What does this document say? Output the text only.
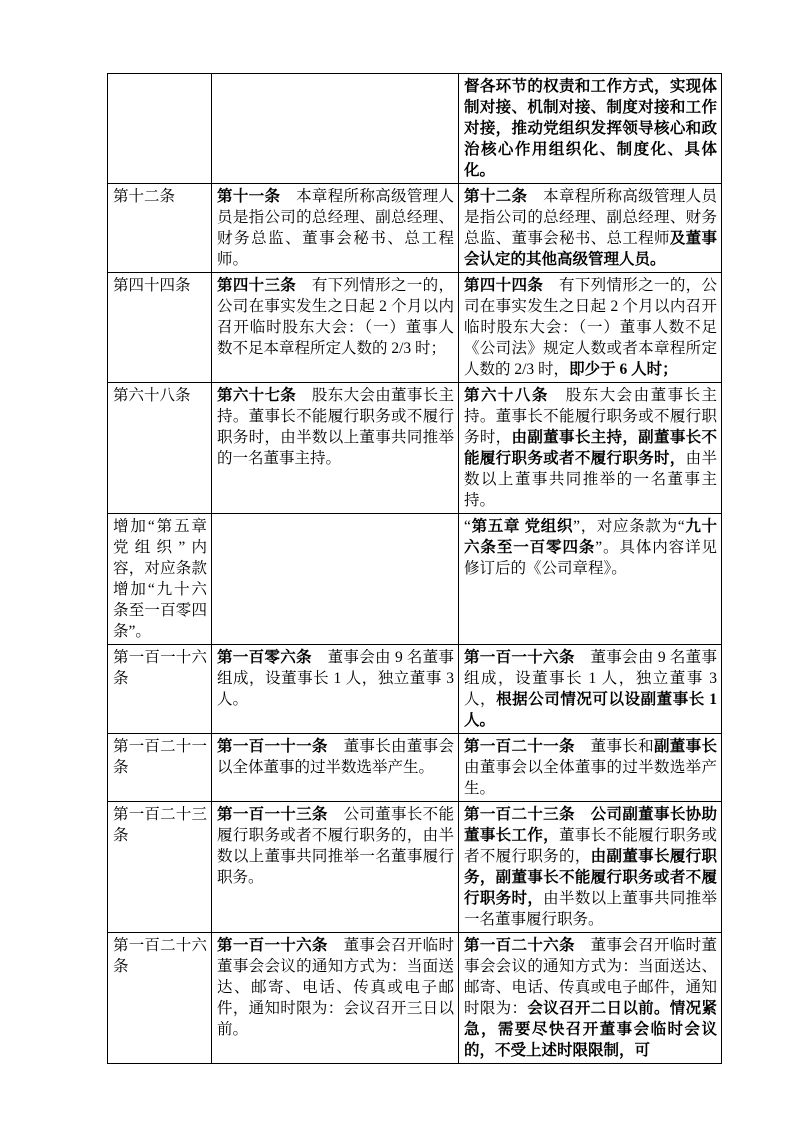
		督各环节的权责和工作方式，实现体制对接、机制对接、制度对接和工作对接，推动党组织发挥领导核心和政治核心作用组织化、制度化、具体化。
第十二条	第十一条　本章程所称高级管理人员是指公司的总经理、副总经理、财务总监、董事会秘书、总工程师。	第十二条　本章程所称高级管理人员是指公司的总经理、副总经理、财务总监、董事会秘书、总工程师及董事会认定的其他高级管理人员。
第四十四条	第四十三条　有下列情形之一的，公司在事实发生之日起 2 个月以内召开临时股东大会：（一）董事人数不足本章程所定人数的 2/3 时；	第四十四条　有下列情形之一的，公司在事实发生之日起 2 个月以内召开临时股东大会：（一）董事人数不足《公司法》规定人数或者本章程所定人数的 2/3 时，即少于 6 人时；
第六十八条	第六十七条　股东大会由董事长主持。董事长不能履行职务或不履行职务时，由半数以上董事共同推举的一名董事主持。	第六十八条　股东大会由董事长主持。董事长不能履行职务或不履行职务时，由副董事长主持，副董事长不能履行职务或者不履行职务时，由半数以上董事共同推举的一名董事主持。
增加“第五章 党组织”内容，对应条款增加“九十六条至一百零四条”。		“第五章 党组织”，对应条款为“九十六条至一百零四条”。具体内容详见修订后的《公司章程》。
第一百一十六条	第一百零六条　董事会由 9 名董事组成，设董事长 1 人，独立董事 3 人。	第一百一十六条　董事会由 9 名董事组成，设董事长 1 人，独立董事 3 人，根据公司情况可以设副董事长 1 人。
第一百二十一条	第一百一十一条　董事长由董事会以全体董事的过半数选举产生。	第一百二十一条　董事长和副董事长由董事会以全体董事的过半数选举产生。
第一百二十三条	第一百一十三条　公司董事长不能履行职务或者不履行职务的，由半数以上董事共同推举一名董事履行职务。	第一百二十三条　公司副董事长协助董事长工作，董事长不能履行职务或者不履行职务的，由副董事长履行职务，副董事长不能履行职务或者不履行职务时，由半数以上董事共同推举一名董事履行职务。
第一百二十六条	第一百一十六条　董事会召开临时董事会会议的通知方式为：当面送达、邮寄、电话、传真或电子邮件，通知时限为：会议召开三日以前。	第一百二十六条　董事会召开临时董事会会议的通知方式为：当面送达、邮寄、电话、传真或电子邮件，通知时限为：会议召开二日以前。情况紧急，需要尽快召开董事会临时会议的，不受上述时限限制，可
